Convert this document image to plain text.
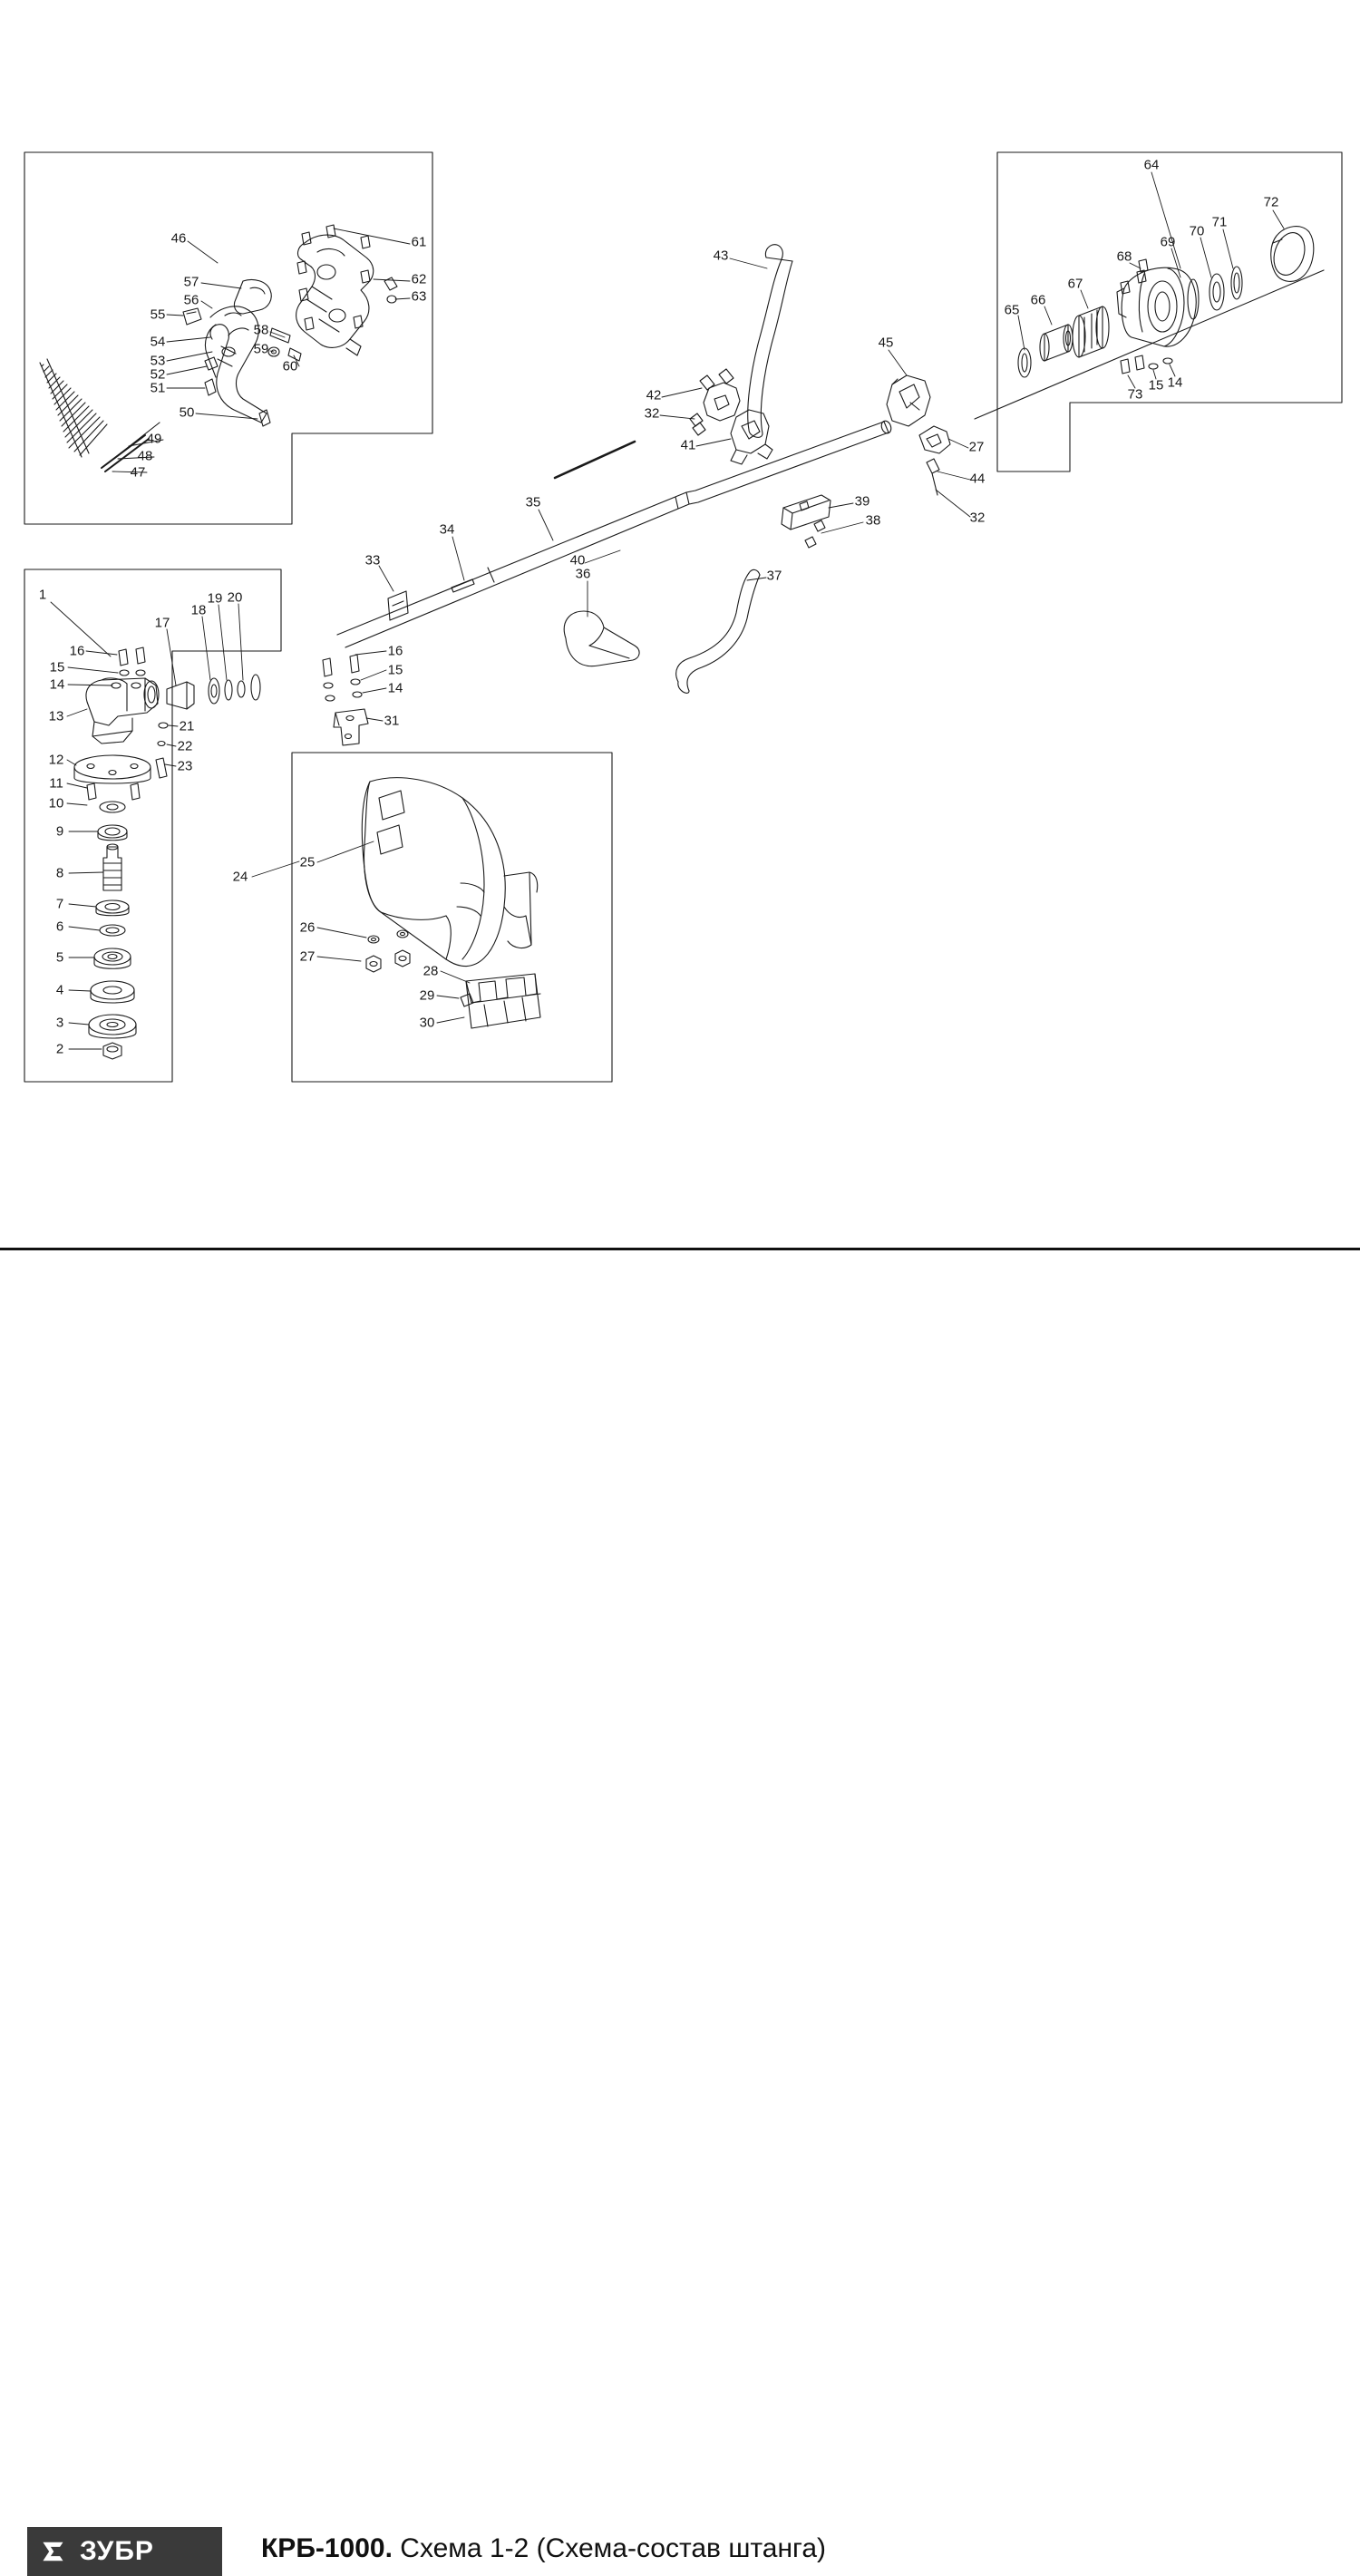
1
2
3
4
5
6
7
8
9
10
11
12
13
14
15
16
17
18
19 20
21
22
23
16
15
14
31
24
25
26
27
28
29
30
33
34
35
36	37
38
39
40
41
42
32
43
44
32
27
45
46
47
48
49
50
51
52
53
54
55
56
57
58
59
60
61
62
63
64
65
66
67
68
69
70
71
72
73
15 14
ЗУБР	КРБ-1000. Схема 1-2 (Схема-состав штанга)
